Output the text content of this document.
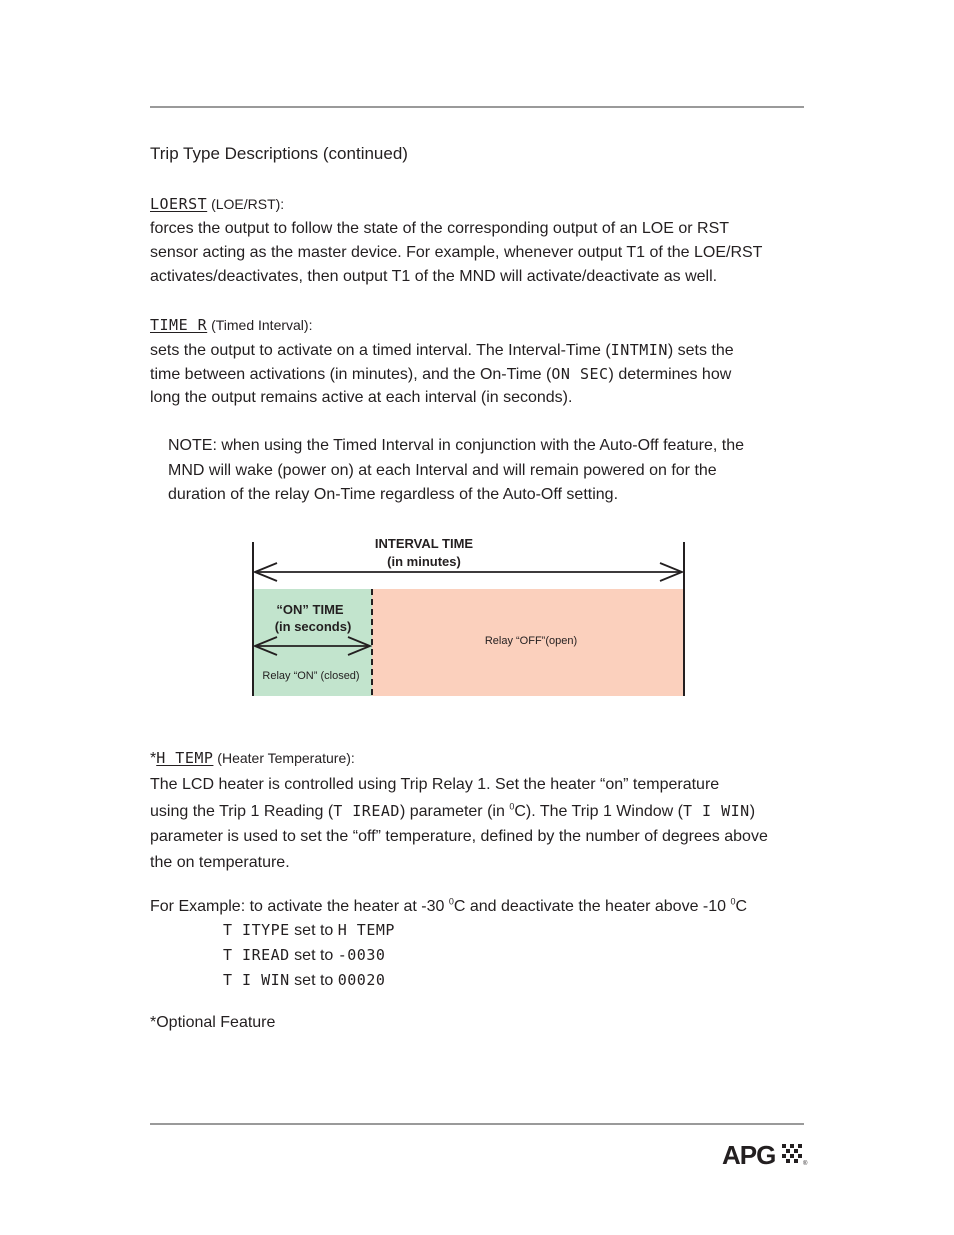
Trip Type Descriptions (continued)
LOERST (LOE/RST):
forces the output to follow the state of the corresponding output of an LOE or RST
sensor acting as the master device. For example, whenever output T1 of the LOE/RST
activates/deactivates, then output T1 of the MND will activate/deactivate as well.
TIME R (Timed Interval):
sets the output to activate on a timed interval. The Interval-Time (INTMIN) sets the
time between activations (in minutes), and the On-Time (ON SEC) determines how
long the output remains active at each interval (in seconds).
NOTE: when using the Timed Interval in conjunction with the Auto-Off feature, the
MND will wake (power on) at each Interval and will remain powered on for the
duration of the relay On-Time regardless of the Auto-Off setting.
INTERVAL TIME
(in minutes)
“ON” TIME
(in seconds)
Relay “ON” (closed)
Relay “OFF”(open)
*H TEMP (Heater Temperature):
The LCD heater is controlled using Trip Relay 1. Set the heater “on” temperature
using the Trip 1 Reading (T IREAD) parameter (in $^0$C). The Trip 1 Window (T I WIN)
parameter is used to set the “off” temperature, defined by the number of degrees above
the on temperature.
For Example: to activate the heater at -30 $^0$C and deactivate the heater above -10 $^0$C
T ITYPE set to H TEMP
T IREAD set to -0030
T I WIN set to 00020
*Optional Feature
APG	®
